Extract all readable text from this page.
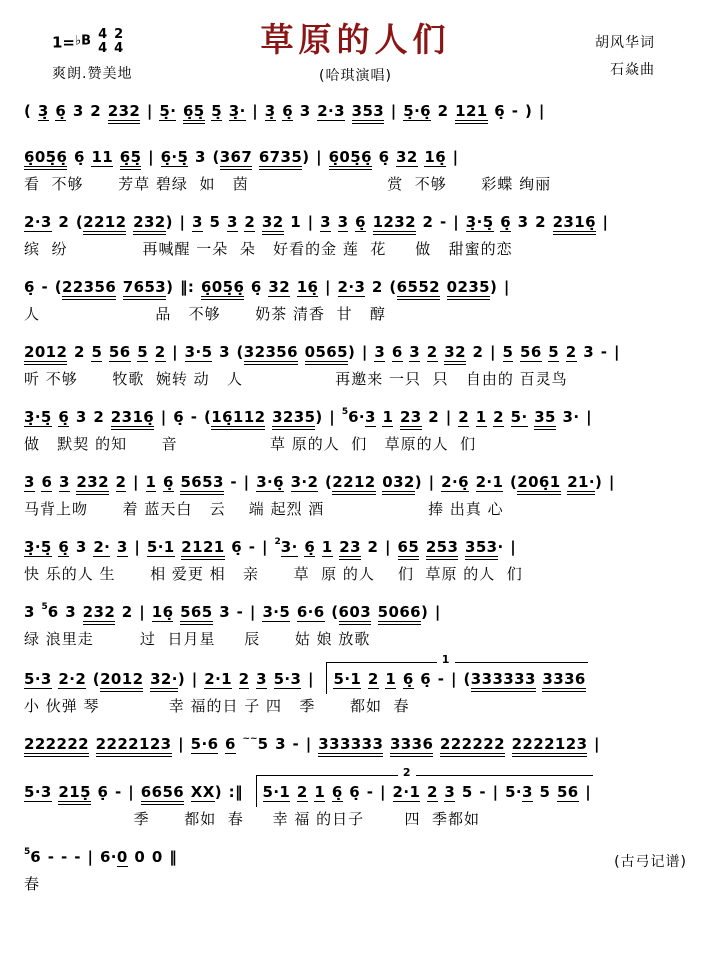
1=♭B 4
4
2
4
爽朗.赞美地
草原的人们
(哈琪演唱)
胡风华词
石焱曲
( 3̣ 6̣ 3 2 232 | 5̣· 6̣5̣ 5̣ 3̣· | 3̣ 6̣ 3 2·3 353 | 5̣·6̣ 2 121 6̣ - ) |
6̣05̣6̣ 6̣ 11 6̣5̣ | 6̣·5̣ 3 (367 6735) | 6̣05̣6̣ 6̣ 32 16̣ |
看  不够      芳草 碧绿  如   茵                        赏  不够      彩蝶 绚丽
2·3 2 (2212 232) | 3 5 3 2 32 1 | 3 3 6̣ 1232 2 - | 3̣·5̣ 6̣ 3 2 2316̣ |
缤  纷             再喊醒 一朵  朵   好看的金 莲  花     做   甜蜜的恋
6̣ - (22356 7653) ‖: 6̣05̣6̣ 6̣ 32 16̣ | 2·3 2 (6552 0235) |
人                    品   不够      奶茶 清香  甘   醇
2012 2 5 56 5 2 | 3·5 3 (32356 0565) | 3 6 3 2 32 2 | 5 56 5 2 3 - |
听 不够      牧歌  婉转 动   人                再邀来 一只  只   自由的 百灵鸟
3̣·5̣ 6̣ 3 2 2316̣ | 6̣ - (16̣112 3235) | $^5$6·3 1 23 2 | 2 1 2 5· 35 3· |
做   默契 的知      音                草 原的人  们   草原的人  们
3 6 3 232 2 | 1 6̣ 5653 - | 3·6̣ 3·2 (2212 032) | 2·6̣ 2·1 (206̣1 21·) |
马背上吻      着 蓝天白   云    端 起烈 酒                  捧 出真 心
3̣·5̣ 6̣ 3 2· 3 | 5·1 2121 6̣ - | $^2$3· 6̣ 1 23 2 | 65 253 353· |
快 乐的人 生      相 爱更 相   亲      草  原 的人    们  草原 的人  们
3 $^5$6 3 232 2 | 16̣ 565 3 - | 3·5 6·6 (603 5066) |
绿 浪里走        过  日月星     辰      姑 娘 放歌
5·3 2·2 (2012 32·) | 2·1 2 3 5·3 | 5·1 2 1 6̣ 6̣ - | (333333 3336 1
小 伙弹 琴            幸 福的日 子 四   季      都如  春
222222 2222123 | 5·6 6 ~~5 3 - | 333333 3336 222222 2222123 |
5·3 215̣ 6̣ - | 6656 XX) :‖ 5·1 2 1 6̣ 6̣ - | 2·1 2 3 5 - | 5·3 5 56 | 2
季      都如  春     幸 福 的日子       四  季都如
$^5$6 - - - | 6·0 0 0 ‖	(古弓记谱)
春
